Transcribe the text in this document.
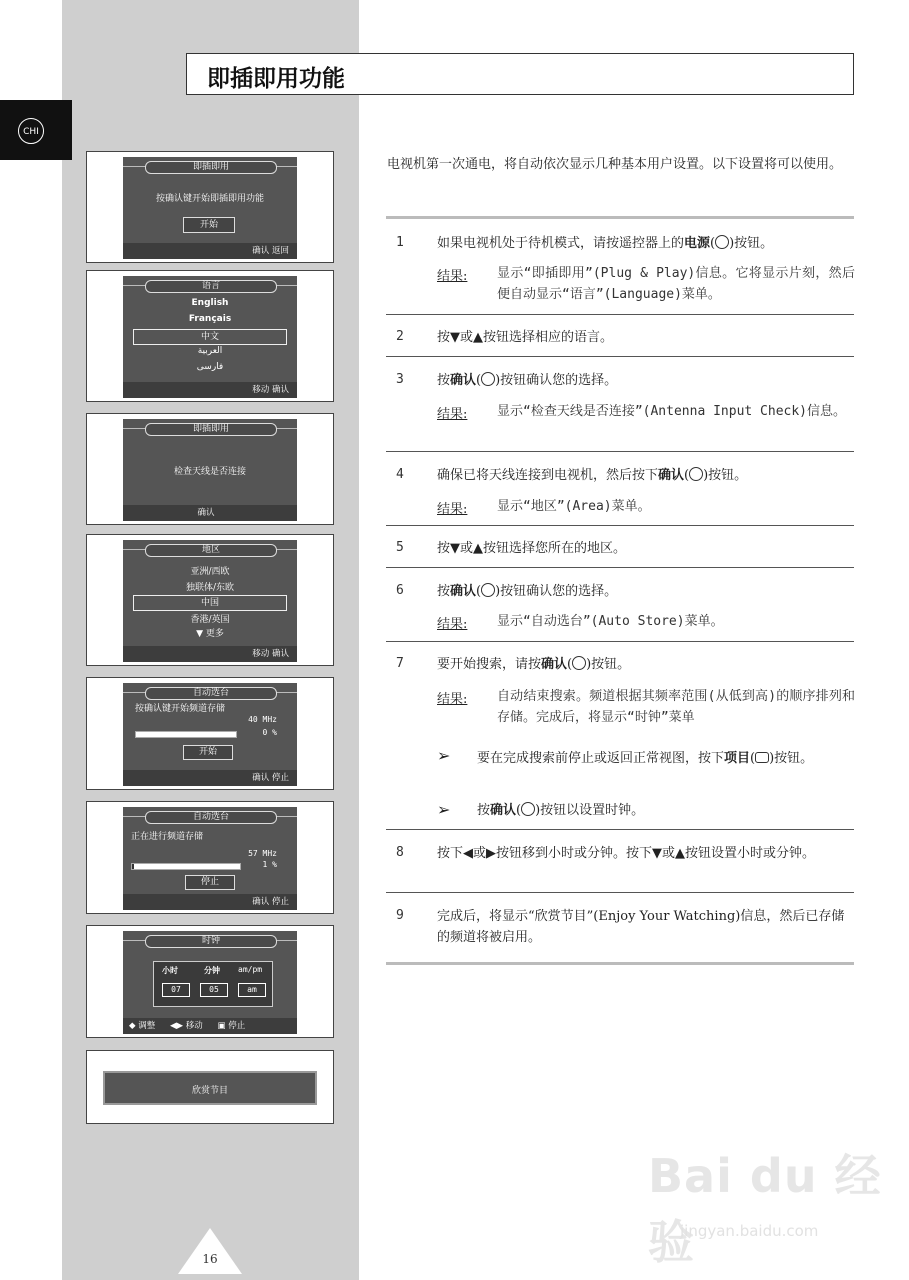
CHI
即插即用功能
即插即用
按确认键开始即插即用功能
开始
确认 返回
语言
English
Français
中文
العربية
فارسی
移动 确认
即插即用
检查天线是否连接
确认
地区
亚洲/西欧
独联体/东欧
中国
香港/英国
▼ 更多
移动 确认
自动选台
按确认键开始频道存储
40 MHz
0 %
开始
确认 停止
自动选台
正在进行频道存储
57 MHz
1 %
停止
确认 停止
时钟
小时	分钟 am/pm
07	05	am
◆ 调整 ◀▶ 移动 ▣ 停止
欣赏节目
电视机第一次通电，将自动依次显示几种基本用户设置。以下设置将可以使用。
1	如果电视机处于待机模式，请按遥控器上的电源( )按钮。
结果: 显示“即插即用”(Plug & Play)信息。它将显示片刻，然后便自动显示“语言”(Language)菜单。
2	按▼或▲按钮选择相应的语言。
3	按确认( )按钮确认您的选择。
结果: 显示“检查天线是否连接”(Antenna Input Check)信息。
4	确保已将天线连接到电视机，然后按下确认( )按钮。
结果: 显示“地区”(Area)菜单。
5	按▼或▲按钮选择您所在的地区。
6	按确认( )按钮确认您的选择。
结果: 显示“自动选台”(Auto Store)菜单。
7	要开始搜索，请按确认( )按钮。
结果: 自动结束搜索。频道根据其频率范围(从低到高)的顺序排列和存储。完成后，将显示“时钟”菜单
➢ 要在完成搜索前停止或返回正常视图，按下项目( )按钮。
➢ 按确认( )按钮以设置时钟。
8	按下◀或▶按钮移到小时或分钟。按下▼或▲按钮设置小时或分钟。
9	完成后，将显示“欣赏节目”(Enjoy Your Watching)信息，然后已存储的频道将被启用。
16
Bai du 经验
jingyan.baidu.com
